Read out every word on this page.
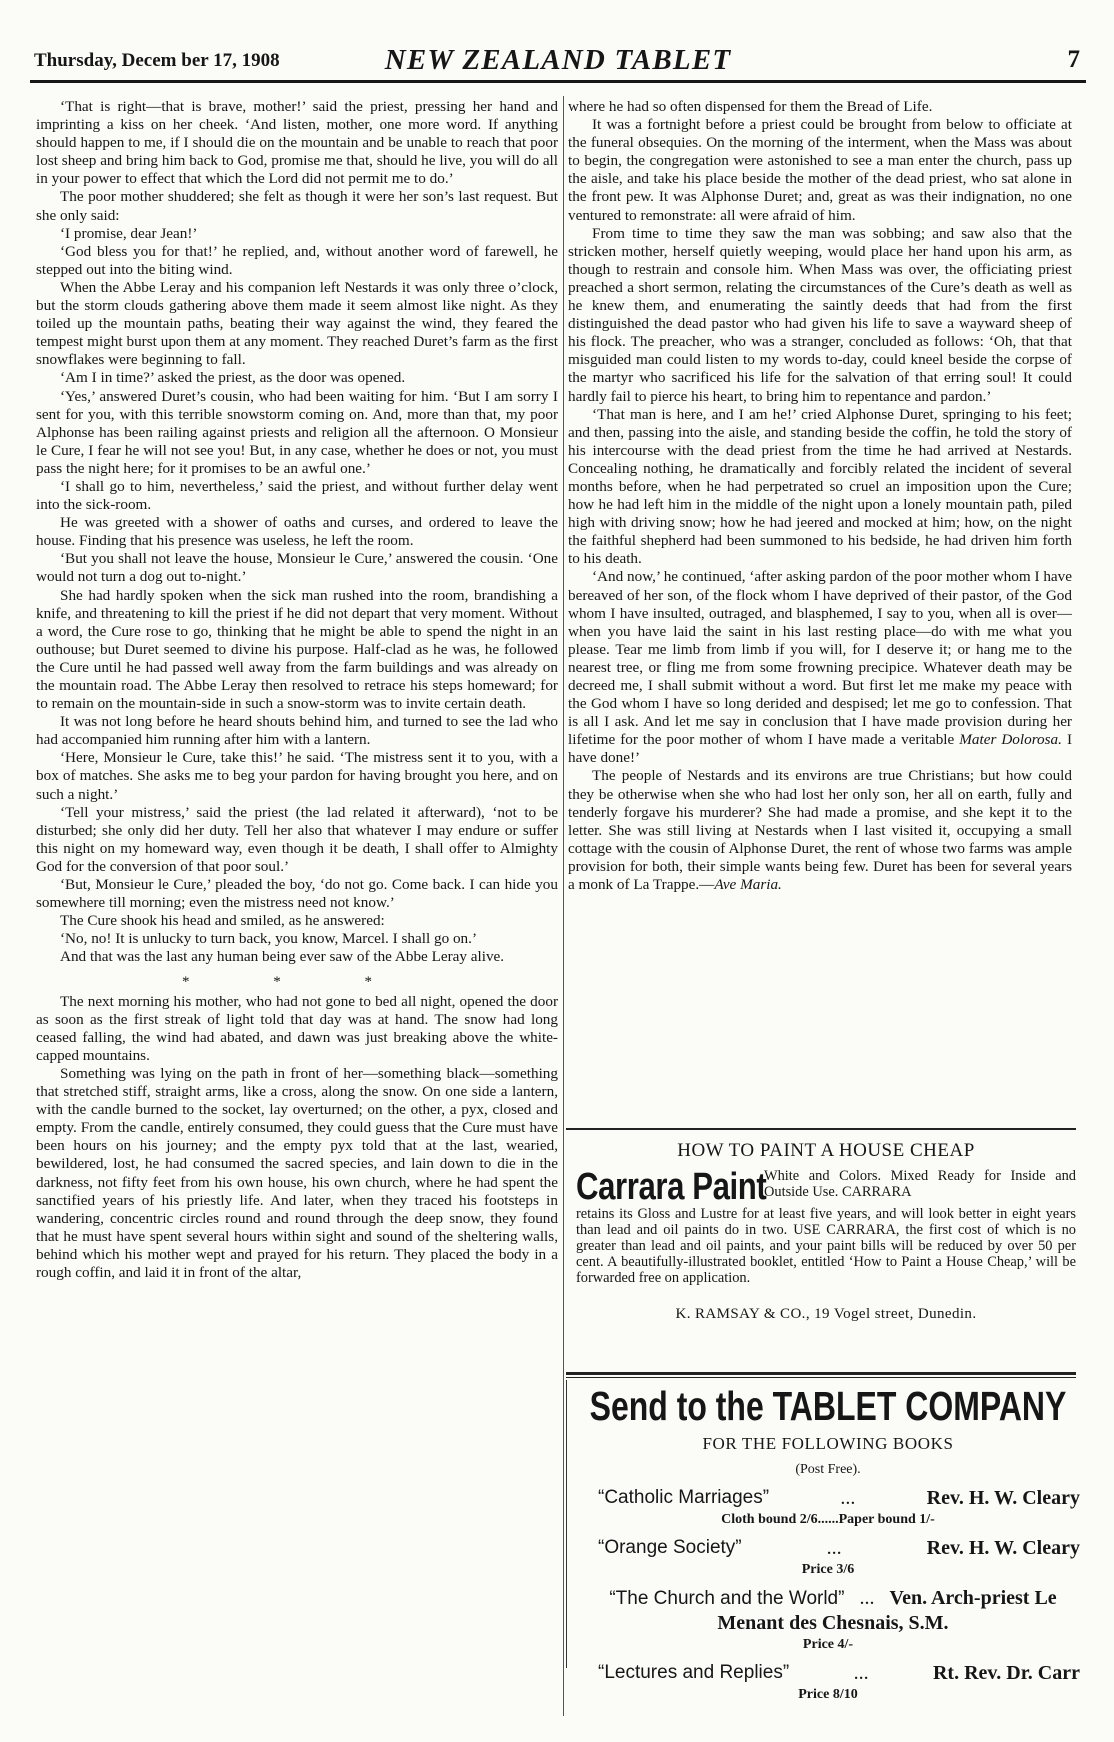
Thursday, Decem ber 17, 1908	NEW ZEALAND TABLET	7

‘That is right—that is brave, mother!’ said the priest, pressing her hand and imprinting a kiss on her cheek. ‘And listen, mother, one more word. If anything should happen to me, if I should die on the mountain and be unable to reach that poor lost sheep and bring him back to God, promise me that, should he live, you will do all in your power to effect that which the Lord did not permit me to do.’

The poor mother shuddered; she felt as though it were her son’s last request. But she only said:

‘I promise, dear Jean!’

‘God bless you for that!’ he replied, and, without another word of farewell, he stepped out into the biting wind.

When the Abbe Leray and his companion left Nestards it was only three o’clock, but the storm clouds gathering above them made it seem almost like night. As they toiled up the mountain paths, beating their way against the wind, they feared the tempest might burst upon them at any moment. They reached Duret’s farm as the first snowflakes were beginning to fall.

‘Am I in time?’ asked the priest, as the door was opened.

‘Yes,’ answered Duret’s cousin, who had been waiting for him. ‘But I am sorry I sent for you, with this terrible snowstorm coming on. And, more than that, my poor Alphonse has been railing against priests and religion all the afternoon. O Monsieur le Cure, I fear he will not see you! But, in any case, whether he does or not, you must pass the night here; for it promises to be an awful one.’

‘I shall go to him, nevertheless,’ said the priest, and without further delay went into the sick-room.

He was greeted with a shower of oaths and curses, and ordered to leave the house. Finding that his presence was useless, he left the room.

‘But you shall not leave the house, Monsieur le Cure,’ answered the cousin. ‘One would not turn a dog out to-night.’

She had hardly spoken when the sick man rushed into the room, brandishing a knife, and threatening to kill the priest if he did not depart that very moment. Without a word, the Cure rose to go, thinking that he might be able to spend the night in an outhouse; but Duret seemed to divine his purpose. Half-clad as he was, he followed the Cure until he had passed well away from the farm buildings and was already on the mountain road. The Abbe Leray then resolved to retrace his steps homeward; for to remain on the mountain-side in such a snow-storm was to invite certain death.

It was not long before he heard shouts behind him, and turned to see the lad who had accompanied him running after him with a lantern.

‘Here, Monsieur le Cure, take this!’ he said. ‘The mistress sent it to you, with a box of matches. She asks me to beg your pardon for having brought you here, and on such a night.’

‘Tell your mistress,’ said the priest (the lad related it afterward), ‘not to be disturbed; she only did her duty. Tell her also that whatever I may endure or suffer this night on my homeward way, even though it be death, I shall offer to Almighty God for the conversion of that poor soul.’

‘But, Monsieur le Cure,’ pleaded the boy, ‘do not go. Come back. I can hide you somewhere till morning; even the mistress need not know.’

The Cure shook his head and smiled, as he answered:

‘No, no! It is unlucky to turn back, you know, Marcel. I shall go on.’

And that was the last any human being ever saw of the Abbe Leray alive.

* * *

The next morning his mother, who had not gone to bed all night, opened the door as soon as the first streak of light told that day was at hand. The snow had long ceased falling, the wind had abated, and dawn was just breaking above the white-capped mountains.

Something was lying on the path in front of her—something black—something that stretched stiff, straight arms, like a cross, along the snow. On one side a lantern, with the candle burned to the socket, lay overturned; on the other, a pyx, closed and empty. From the candle, entirely consumed, they could guess that the Cure must have been hours on his journey; and the empty pyx told that at the last, wearied, bewildered, lost, he had consumed the sacred species, and lain down to die in the darkness, not fifty feet from his own house, his own church, where he had spent the sanctified years of his priestly life. And later, when they traced his footsteps in wandering, concentric circles round and round through the deep snow, they found that he must have spent several hours within sight and sound of the sheltering walls, behind which his mother wept and prayed for his return. They placed the body in a rough coffin, and laid it in front of the altar,

where he had so often dispensed for them the Bread of Life.

It was a fortnight before a priest could be brought from below to officiate at the funeral obsequies. On the morning of the interment, when the Mass was about to begin, the congregation were astonished to see a man enter the church, pass up the aisle, and take his place beside the mother of the dead priest, who sat alone in the front pew. It was Alphonse Duret; and, great as was their indignation, no one ventured to remonstrate: all were afraid of him.

From time to time they saw the man was sobbing; and saw also that the stricken mother, herself quietly weeping, would place her hand upon his arm, as though to restrain and console him. When Mass was over, the officiating priest preached a short sermon, relating the circumstances of the Cure’s death as well as he knew them, and enumerating the saintly deeds that had from the first distinguished the dead pastor who had given his life to save a wayward sheep of his flock. The preacher, who was a stranger, concluded as follows: ‘Oh, that that misguided man could listen to my words to-day, could kneel beside the corpse of the martyr who sacrificed his life for the salvation of that erring soul! It could hardly fail to pierce his heart, to bring him to repentance and pardon.’

‘That man is here, and I am he!’ cried Alphonse Duret, springing to his feet; and then, passing into the aisle, and standing beside the coffin, he told the story of his intercourse with the dead priest from the time he had arrived at Nestards. Concealing nothing, he dramatically and forcibly related the incident of several months before, when he had perpetrated so cruel an imposition upon the Cure; how he had left him in the middle of the night upon a lonely mountain path, piled high with driving snow; how he had jeered and mocked at him; how, on the night the faithful shepherd had been summoned to his bedside, he had driven him forth to his death.

‘And now,’ he continued, ‘after asking pardon of the poor mother whom I have bereaved of her son, of the flock whom I have deprived of their pastor, of the God whom I have insulted, outraged, and blasphemed, I say to you, when all is over—when you have laid the saint in his last resting place—do with me what you please. Tear me limb from limb if you will, for I deserve it; or hang me to the nearest tree, or fling me from some frowning precipice. Whatever death may be decreed me, I shall submit without a word. But first let me make my peace with the God whom I have so long derided and despised; let me go to confession. That is all I ask. And let me say in conclusion that I have made provision during her lifetime for the poor mother of whom I have made a veritable Mater Dolorosa. I have done!’

The people of Nestards and its environs are true Christians; but how could they be otherwise when she who had lost her only son, her all on earth, fully and tenderly forgave his murderer? She had made a promise, and she kept it to the letter. She was still living at Nestards when I last visited it, occupying a small cottage with the cousin of Alphonse Duret, the rent of whose two farms was ample provision for both, their simple wants being few. Duret has been for several years a monk of La Trappe.—Ave Maria.

HOW TO PAINT A HOUSE CHEAP
Carrara Paint
White and Colors. Mixed Ready for Inside and Outside Use. CARRARA
retains its Gloss and Lustre for at least five years, and will look better in eight years than lead and oil paints do in two. USE CARRARA, the first cost of which is no greater than lead and oil paints, and your paint bills will be reduced by over 50 per cent. A beautifully-illustrated booklet, entitled ‘How to Paint a House Cheap,’ will be forwarded free on application.
K. RAMSAY & CO., 19 Vogel street, Dunedin.
Send to the TABLET COMPANY
FOR THE FOLLOWING BOOKS
(Post Free).
“Catholic Marriages”	...	Rev. H. W. Cleary
Cloth bound 2/6......Paper bound 1/-
“Orange Society”	...	Rev. H. W. Cleary
Price 3/6
“The Church and the World” ... Ven. Arch-priest Le Menant des Chesnais, S.M.
Price 4/-
“Lectures and Replies”	...	Rt. Rev. Dr. Carr
Price 8/10
